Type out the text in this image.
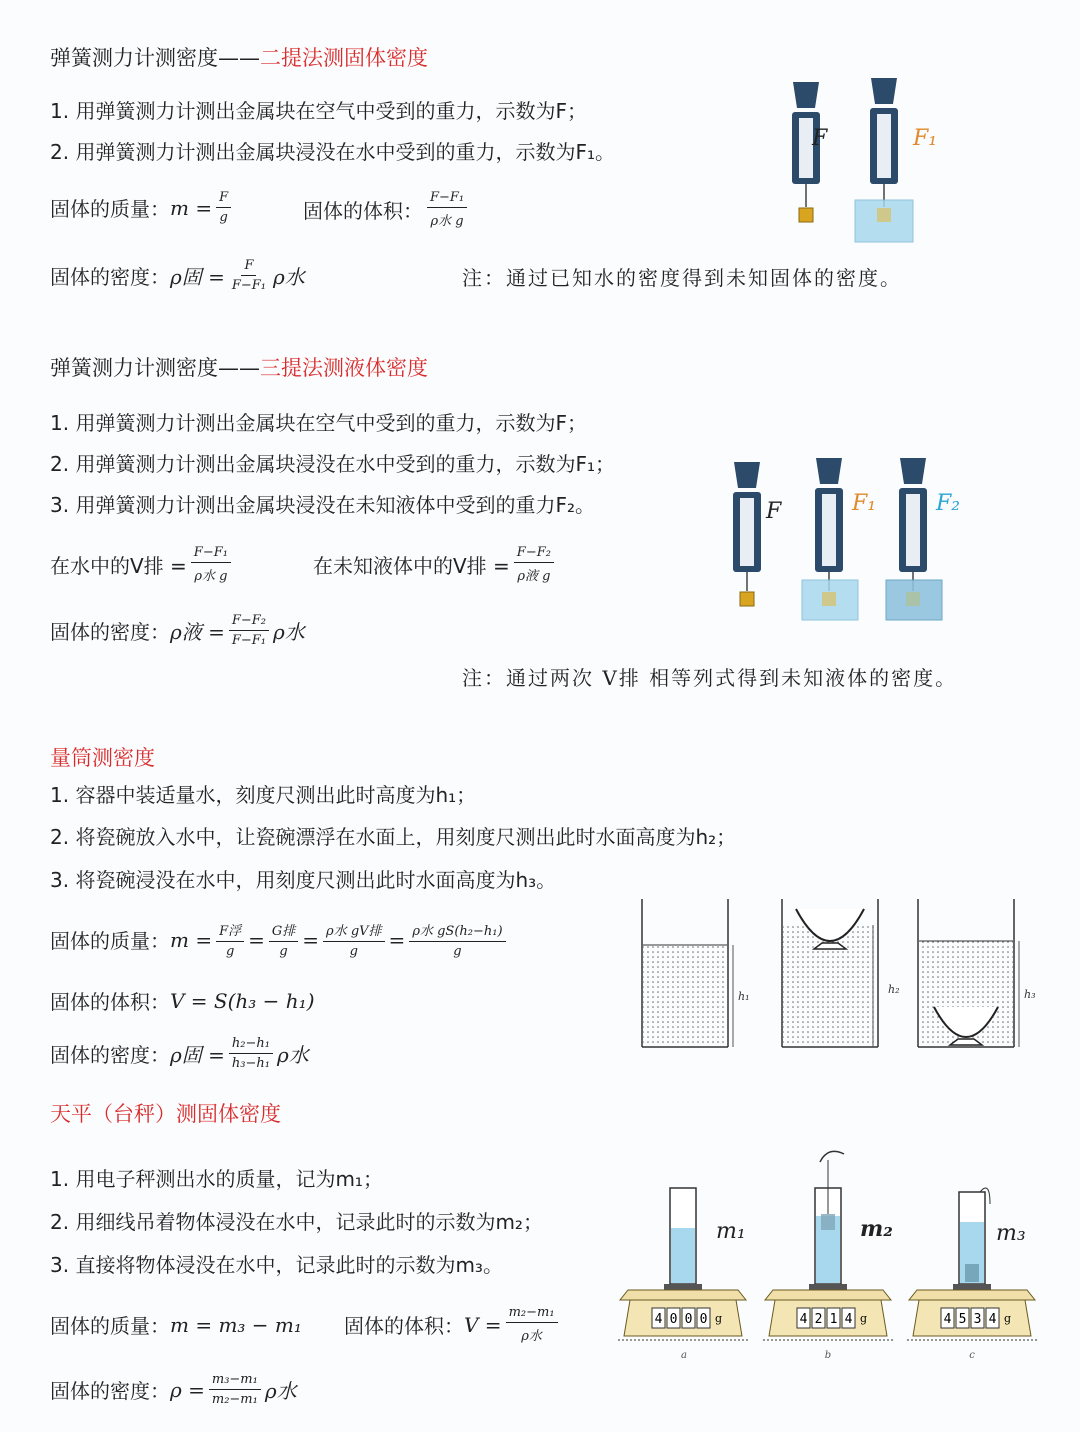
弹簧测力计测密度——二提法测固体密度
1. 用弹簧测力计测出金属块在空气中受到的重力，示数为F；
2. 用弹簧测力计测出金属块浸没在水中受到的重力，示数为F₁。
固体的质量： $m = \frac{F}{g}$	固体的体积： $\frac{\text{F−F₁}}{\text{ρ水 g}}$
固体的密度： ρ固 = $\frac{F}{\text{F−F₁}}$ ρ水	注：通过已知水的密度得到未知固体的密度。
F	F₁
弹簧测力计测密度——三提法测液体密度
1. 用弹簧测力计测出金属块在空气中受到的重力，示数为F；
2. 用弹簧测力计测出金属块浸没在水中受到的重力，示数为F₁；
3. 用弹簧测力计测出金属块浸没在未知液体中受到的重力F₂。
在水中的V排 = $\frac{\text{F−F₁}}{\text{ρ水 g}}$	在未知液体中的V排 = $\frac{\text{F−F₂}}{\text{ρ液 g}}$
固体的密度： ρ液 = $\frac{\text{F−F₂}}{\text{F−F₁}}$ ρ水
注：通过两次 V排 相等列式得到未知液体的密度。
F	F₁	F₂
量筒测密度
1. 容器中装适量水，刻度尺测出此时高度为h₁；
2. 将瓷碗放入水中，让瓷碗漂浮在水面上，用刻度尺测出此时水面高度为h₂；
3. 将瓷碗浸没在水中，用刻度尺测出此时水面高度为h₃。
固体的质量： $m = \frac{\text{F浮}}{g} = \frac{\text{G排}}{g} = \frac{\text{ρ水 gV排}}{g} = \frac{\text{ρ水 gS(h₂−h₁)}}{g}$
固体的体积： V = S(h₃ − h₁)
固体的密度： ρ固 = $\frac{\text{h₂−h₁}}{\text{h₃−h₁}}$ ρ水
h₁
h₂	h₃
天平（台秤）测固体密度
1. 用电子秤测出水的质量，记为m₁；
2. 用细线吊着物体浸没在水中，记录此时的示数为m₂；
3. 直接将物体浸没在水中，记录此时的示数为m₃。
固体的质量： m = m₃ − m₁ 固体的体积： $V = \frac{\text{m₂−m₁}}{\text{ρ水}}$
固体的密度： $\rho = \frac{\text{m₃−m₁}}{\text{m₂−m₁}}$ ρ水
4 0 0 0 g
a
m₁
4 2 1 4 g
b
m₂
4 5 3 4 g
c
m₃
